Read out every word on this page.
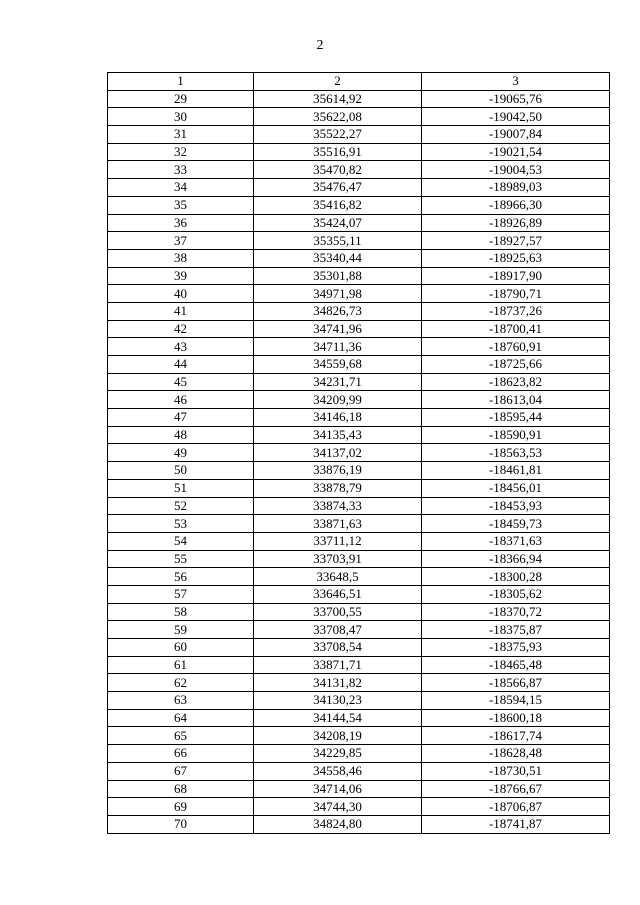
2
1	2	3
29	35614,92	-19065,76
30	35622,08	-19042,50
31	35522,27	-19007,84
32	35516,91	-19021,54
33	35470,82	-19004,53
34	35476,47	-18989,03
35	35416,82	-18966,30
36	35424,07	-18926,89
37	35355,11	-18927,57
38	35340,44	-18925,63
39	35301,88	-18917,90
40	34971,98	-18790,71
41	34826,73	-18737,26
42	34741,96	-18700,41
43	34711,36	-18760,91
44	34559,68	-18725,66
45	34231,71	-18623,82
46	34209,99	-18613,04
47	34146,18	-18595,44
48	34135,43	-18590,91
49	34137,02	-18563,53
50	33876,19	-18461,81
51	33878,79	-18456,01
52	33874,33	-18453,93
53	33871,63	-18459,73
54	33711,12	-18371,63
55	33703,91	-18366,94
56	33648,5	-18300,28
57	33646,51	-18305,62
58	33700,55	-18370,72
59	33708,47	-18375,87
60	33708,54	-18375,93
61	33871,71	-18465,48
62	34131,82	-18566,87
63	34130,23	-18594,15
64	34144,54	-18600,18
65	34208,19	-18617,74
66	34229,85	-18628,48
67	34558,46	-18730,51
68	34714,06	-18766,67
69	34744,30	-18706,87
70	34824,80	-18741,87
